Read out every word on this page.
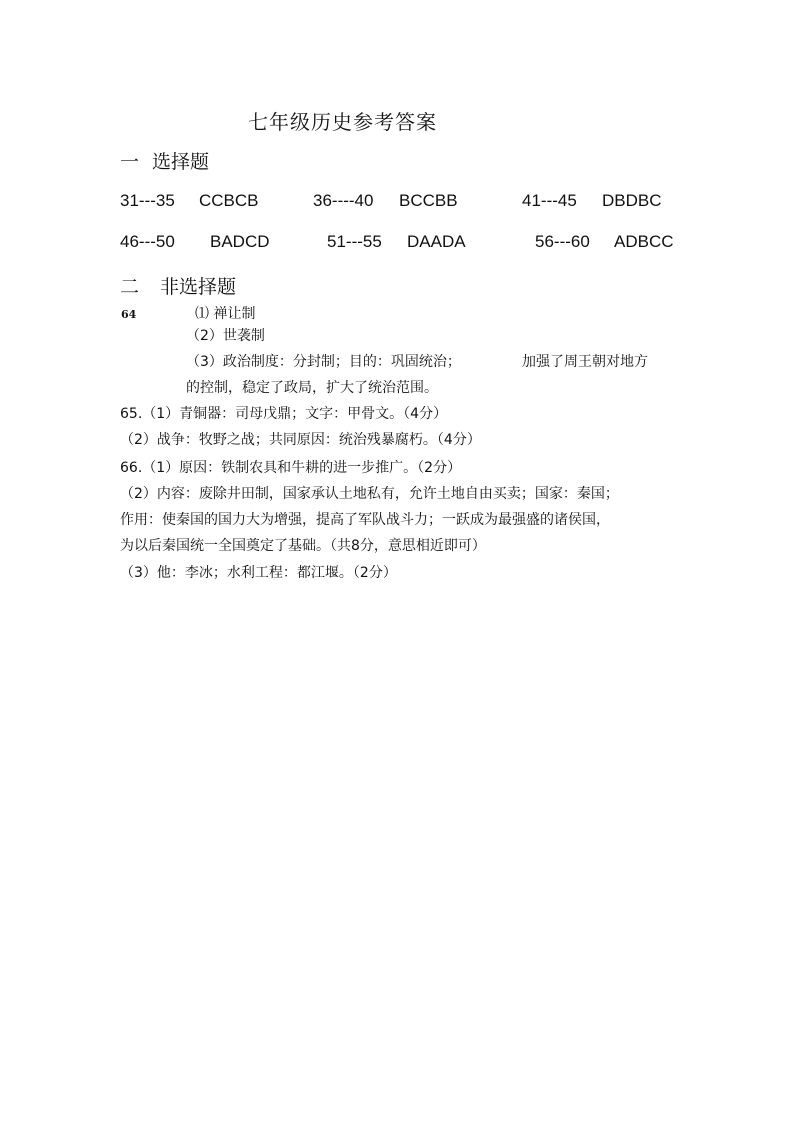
七年级历史参考答案
一 选择题
31---35 CCBCB	36----40 BCCBB	41---45 DBDBC
46---50 BADCD	51---55 DAADA	56---60 ADBCC
二 非选择题
64	⑴ 禅让制
（2）世袭制
（3）政治制度：分封制；目的：巩固统治；	加强了周王朝对地方
的控制，稳定了政局，扩大了统治范围。
65.（1）青铜器：司母戊鼎；文字：甲骨文。（4分）
（2）战争：牧野之战；共同原因：统治残暴腐朽。（4分）
66.（1）原因：铁制农具和牛耕的进一步推广。（2分）
（2）内容：废除井田制，国家承认土地私有，允许土地自由买卖；国家：秦国；
作用：使秦国的国力大为增强，提高了军队战斗力；一跃成为最强盛的诸侯国，
为以后秦国统一全国奠定了基础。（共8分，意思相近即可）
（3）他：李冰；水利工程：都江堰。（2分）
